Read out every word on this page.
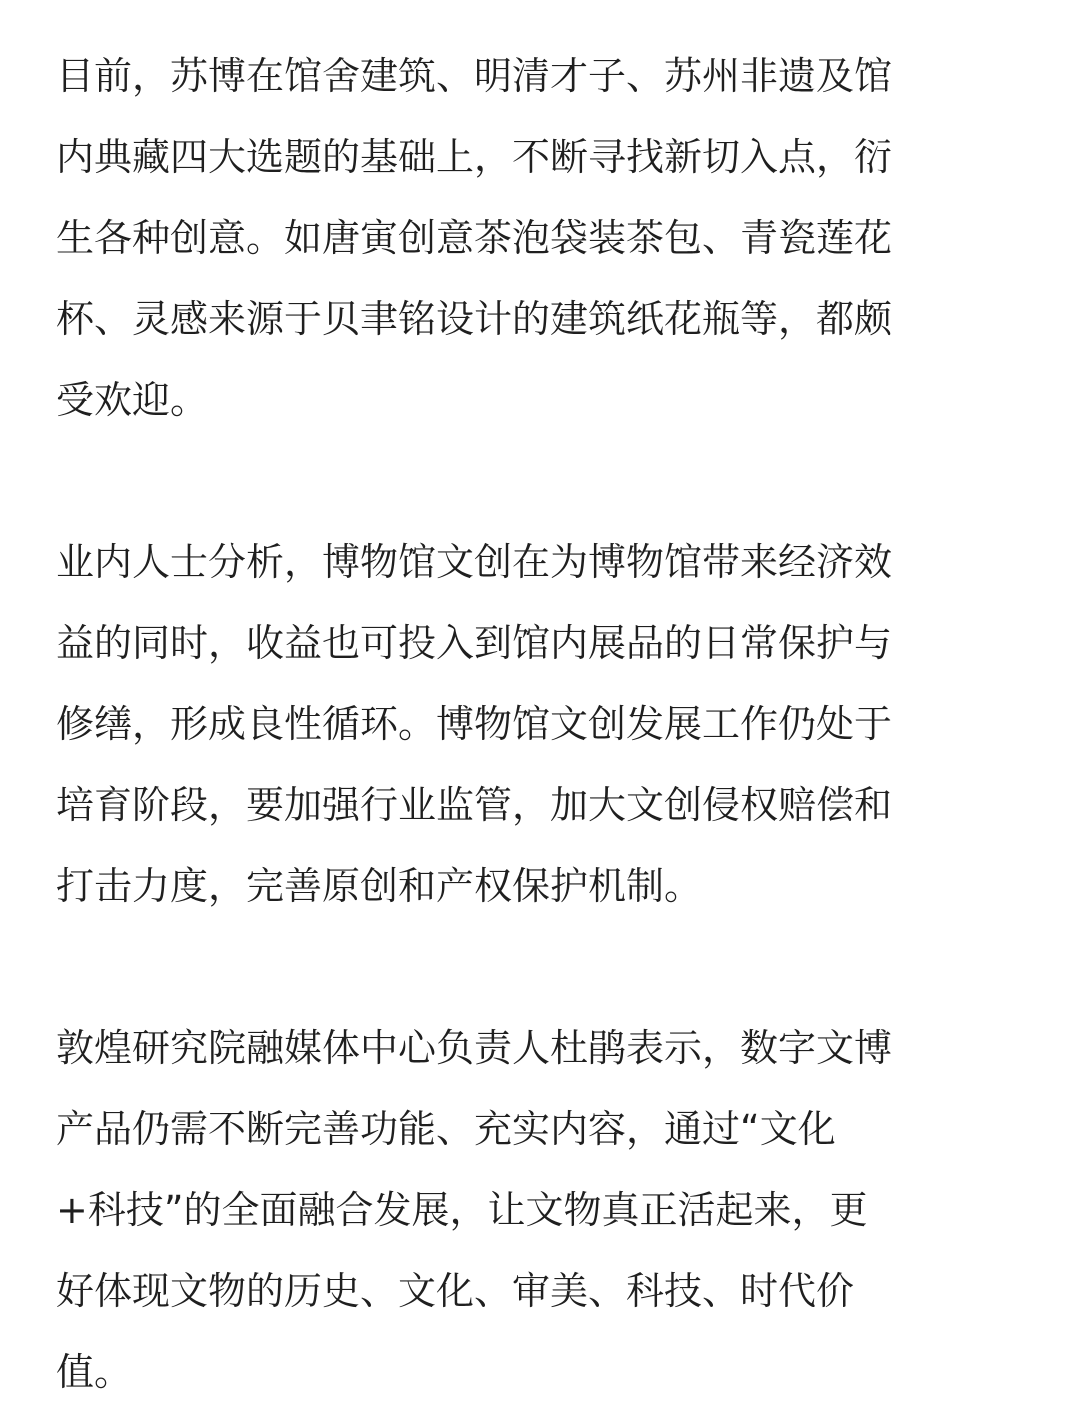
目前，苏博在馆舍建筑、明清才子、苏州非遗及馆
内典藏四大选题的基础上，不断寻找新切入点，衍
生各种创意。如唐寅创意茶泡袋装茶包、青瓷莲花
杯、灵感来源于贝聿铭设计的建筑纸花瓶等，都颇
受欢迎。
业内人士分析，博物馆文创在为博物馆带来经济效
益的同时，收益也可投入到馆内展品的日常保护与
修缮，形成良性循环。博物馆文创发展工作仍处于
培育阶段，要加强行业监管，加大文创侵权赔偿和
打击力度，完善原创和产权保护机制。
敦煌研究院融媒体中心负责人杜鹃表示，数字文博
产品仍需不断完善功能、充实内容，通过“文化
+科技”的全面融合发展，让文物真正活起来，更
好体现文物的历史、文化、审美、科技、时代价
值。
